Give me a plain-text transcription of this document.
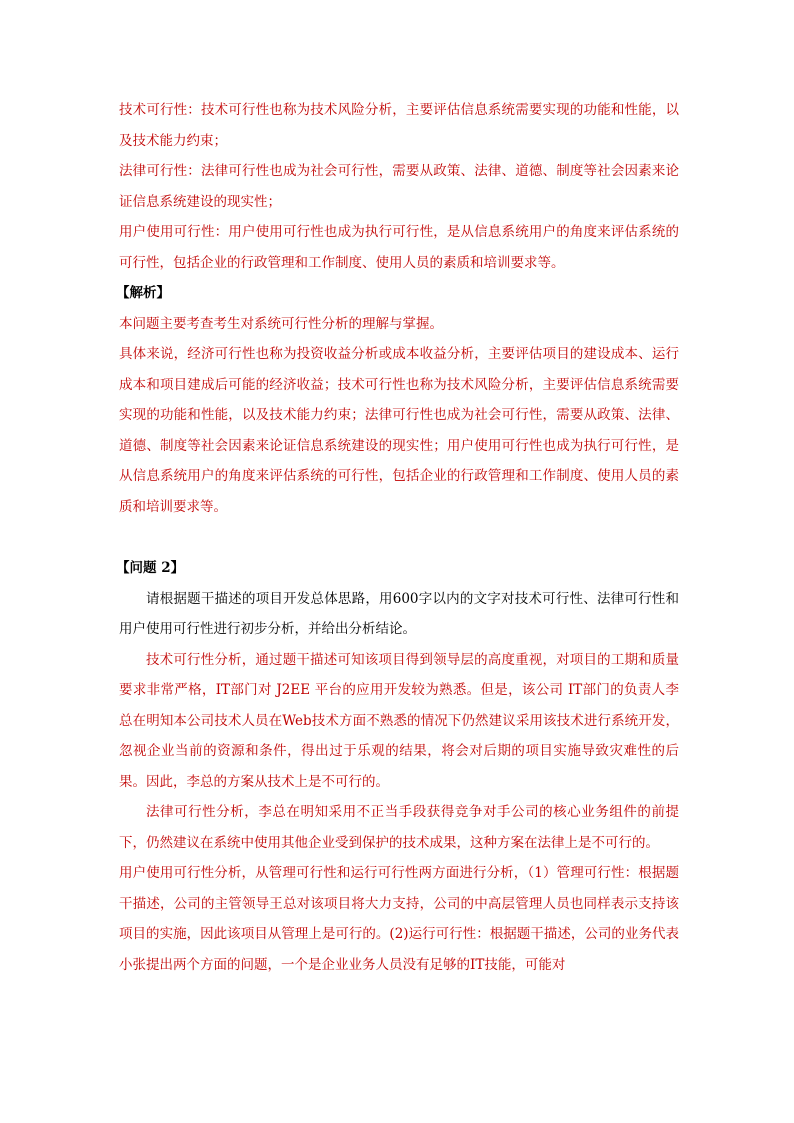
技术可行性：技术可行性也称为技术风险分析，主要评估信息系统需要实现的功能和性能，以及技术能力约束；

法律可行性：法律可行性也成为社会可行性，需要从政策、法律、道德、制度等社会因素来论证信息系统建设的现实性；

用户使用可行性：用户使用可行性也成为执行可行性，是从信息系统用户的角度来评估系统的可行性，包括企业的行政管理和工作制度、使用人员的素质和培训要求等。

【解析】

本问题主要考查考生对系统可行性分析的理解与掌握。

具体来说，经济可行性也称为投资收益分析或成本收益分析，主要评估项目的建设成本、运行成本和项目建成后可能的经济收益；技术可行性也称为技术风险分析，主要评估信息系统需要实现的功能和性能，以及技术能力约束；法律可行性也成为社会可行性，需要从政策、法律、道德、制度等社会因素来论证信息系统建设的现实性；用户使用可行性也成为执行可行性，是从信息系统用户的角度来评估系统的可行性，包括企业的行政管理和工作制度、使用人员的素质和培训要求等。

【问题 2】

请根据题干描述的项目开发总体思路，用600字以内的文字对技术可行性、法律可行性和用户使用可行性进行初步分析，并给出分析结论。

技术可行性分析，通过题干描述可知该项目得到领导层的高度重视，对项目的工期和质量要求非常严格，IT部门对 J2EE 平台的应用开发较为熟悉。但是，该公司 IT部门的负责人李总在明知本公司技术人员在Web技术方面不熟悉的情况下仍然建议采用该技术进行系统开发，忽视企业当前的资源和条件，得出过于乐观的结果，将会对后期的项目实施导致灾难性的后果。因此，李总的方案从技术上是不可行的。

法律可行性分析，李总在明知采用不正当手段获得竞争对手公司的核心业务组件的前提下，仍然建议在系统中使用其他企业受到保护的技术成果，这种方案在法律上是不可行的。

用户使用可行性分析，从管理可行性和运行可行性两方面进行分析，（1）管理可行性：根据题干描述，公司的主管领导王总对该项目将大力支持，公司的中高层管理人员也同样表示支持该项目的实施，因此该项目从管理上是可行的。(2)运行可行性：根据题干描述，公司的业务代表小张提出两个方面的问题，一个是企业业务人员没有足够的IT技能，可能对
